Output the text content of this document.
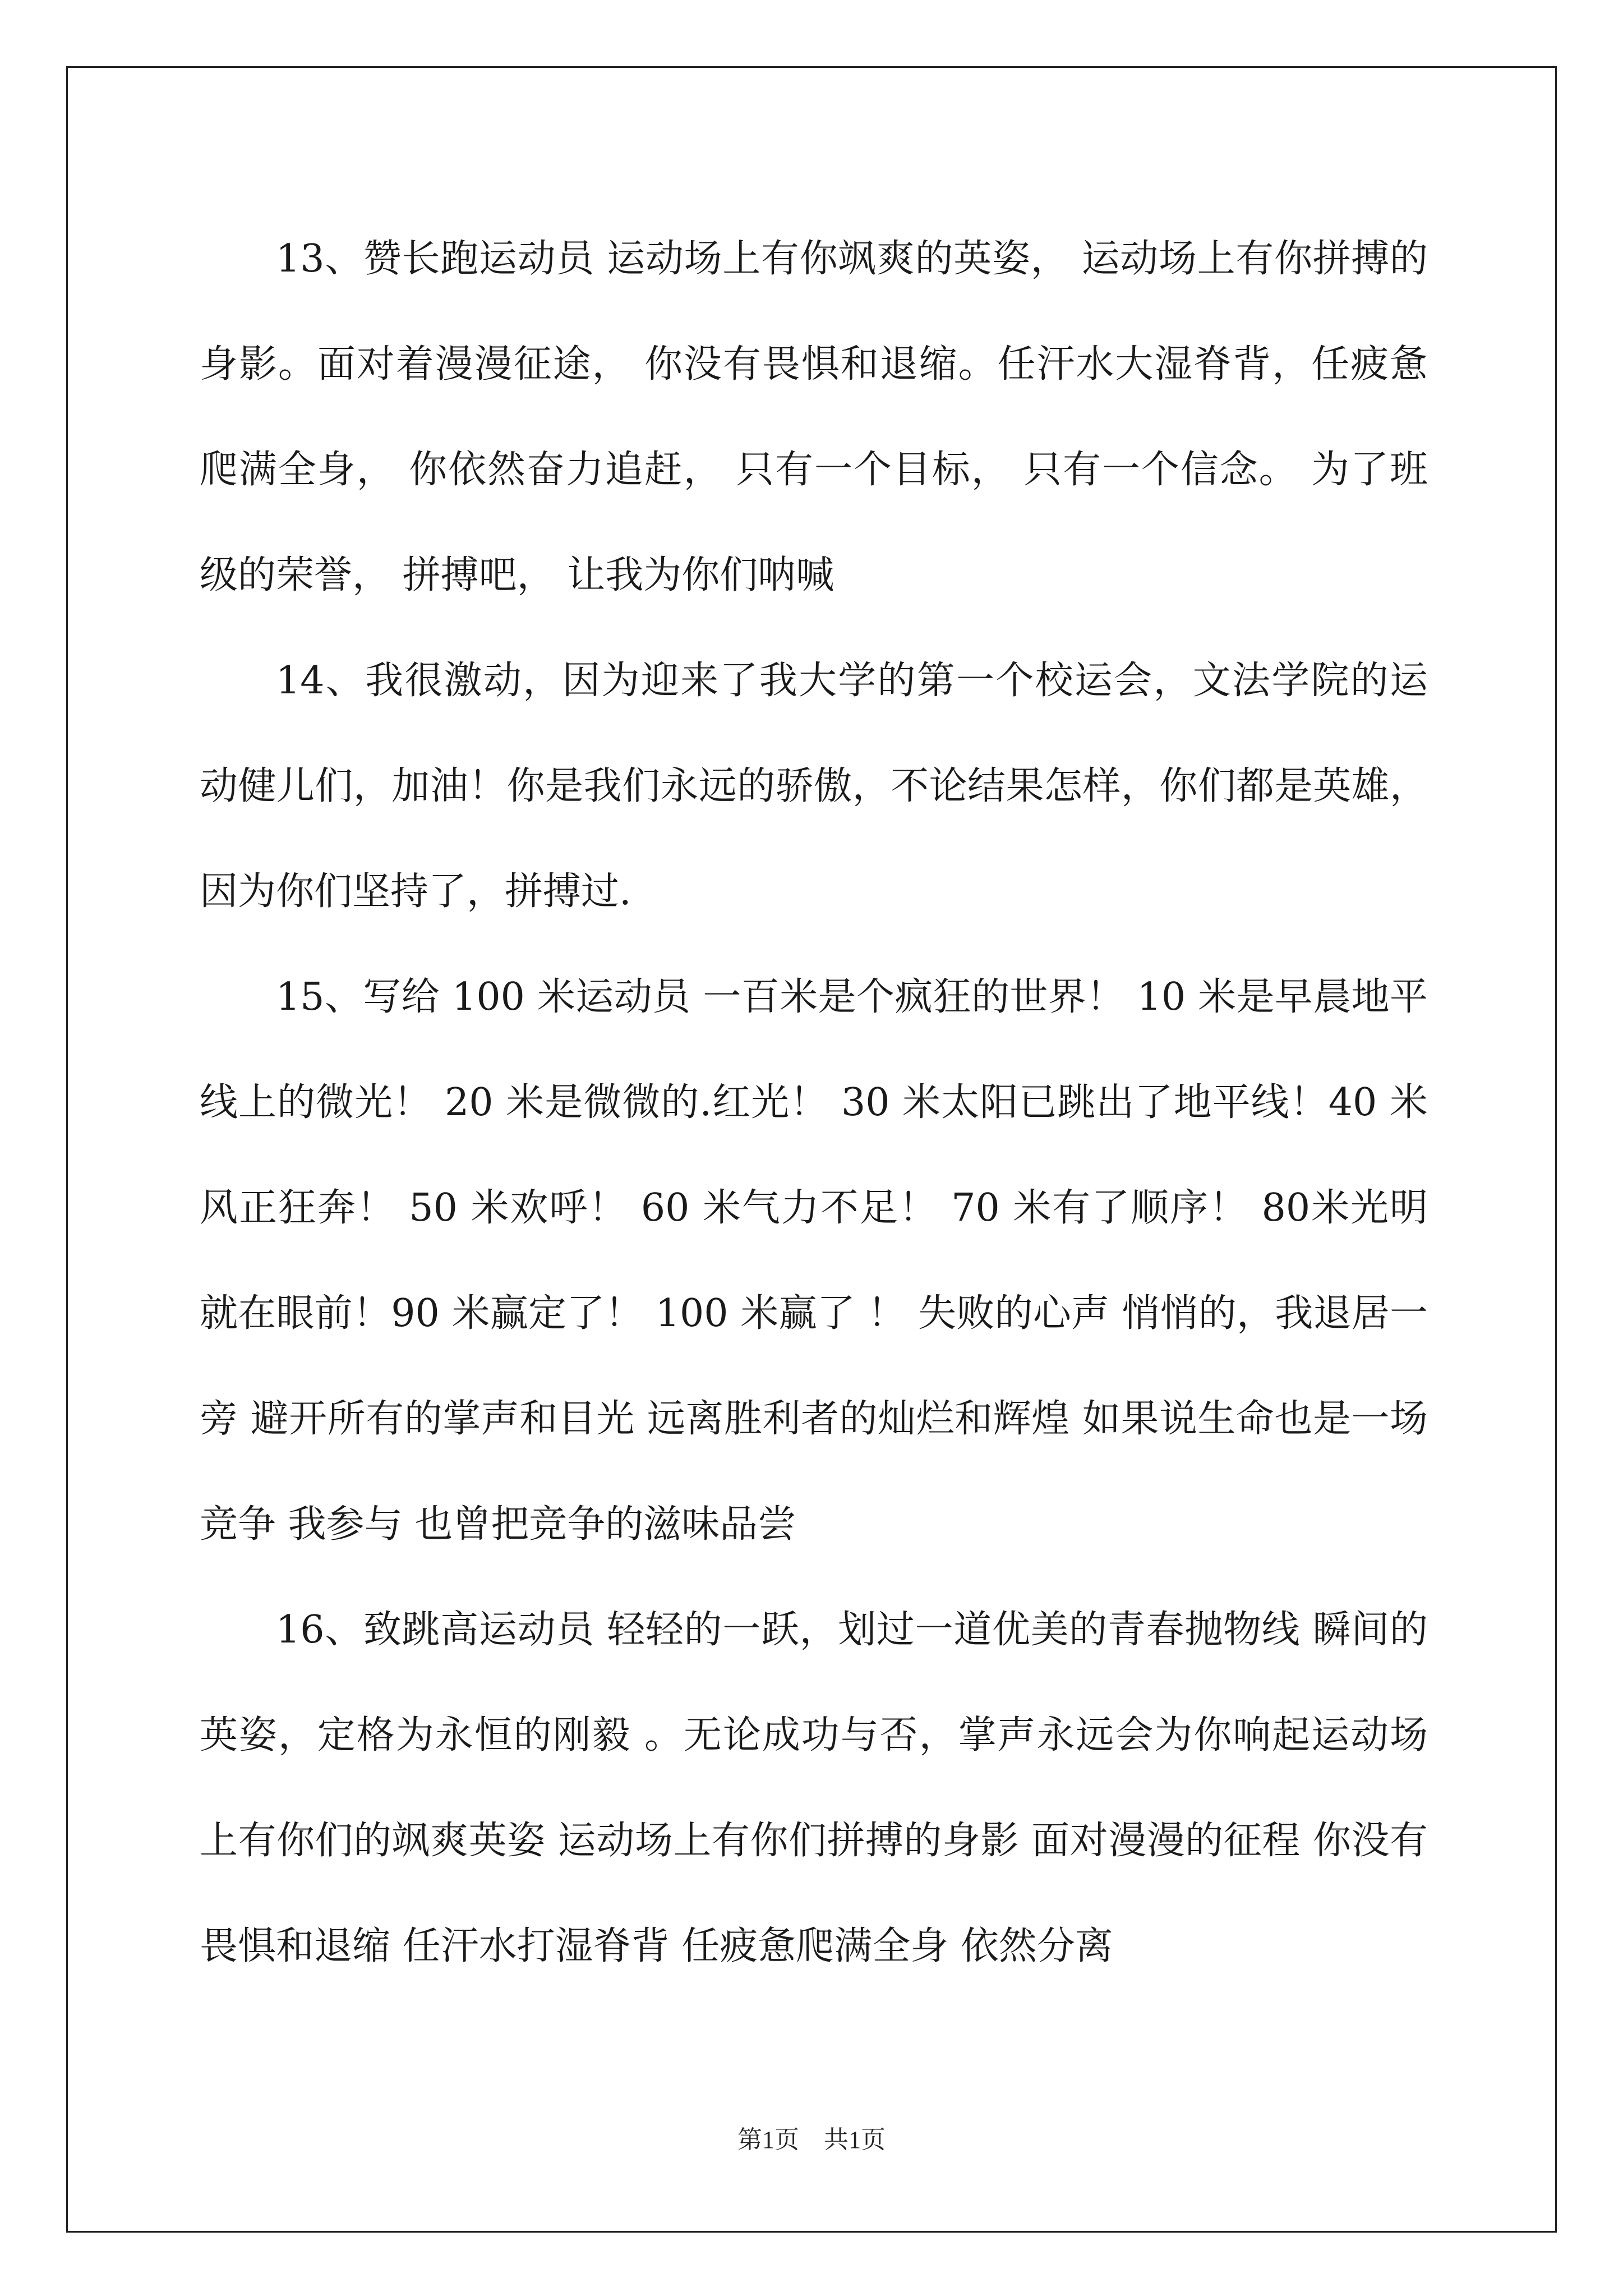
13、赞长跑运动员 运动场上有你飒爽的英姿， 运动场上有你拼搏的身影。面对着漫漫征途， 你没有畏惧和退缩。任汗水大湿脊背，任疲惫爬满全身， 你依然奋力追赶， 只有一个目标， 只有一个信念。 为了班级的荣誉， 拼搏吧， 让我为你们呐喊

14、我很激动，因为迎来了我大学的第一个校运会，文法学院的运动健儿们，加油！你是我们永远的骄傲，不论结果怎样，你们都是英雄，因为你们坚持了，拼搏过.

15、写给 100 米运动员 一百米是个疯狂的世界！ 10 米是早晨地平线上的微光！ 20 米是微微的.红光！ 30 米太阳已跳出了地平线！40 米风正狂奔！ 50 米欢呼！ 60 米气力不足！ 70 米有了顺序！ 80米光明就在眼前！90 米赢定了！ 100 米赢了 ！ 失败的心声 悄悄的，我退居一旁 避开所有的掌声和目光 远离胜利者的灿烂和辉煌 如果说生命也是一场竞争 我参与 也曾把竞争的滋味品尝

16、致跳高运动员 轻轻的一跃，划过一道优美的青春抛物线 瞬间的英姿，定格为永恒的刚毅 。无论成功与否，掌声永远会为你响起运动场上有你们的飒爽英姿 运动场上有你们拼搏的身影 面对漫漫的征程 你没有畏惧和退缩 任汗水打湿脊背 任疲惫爬满全身 依然分离

第1页　共1页
